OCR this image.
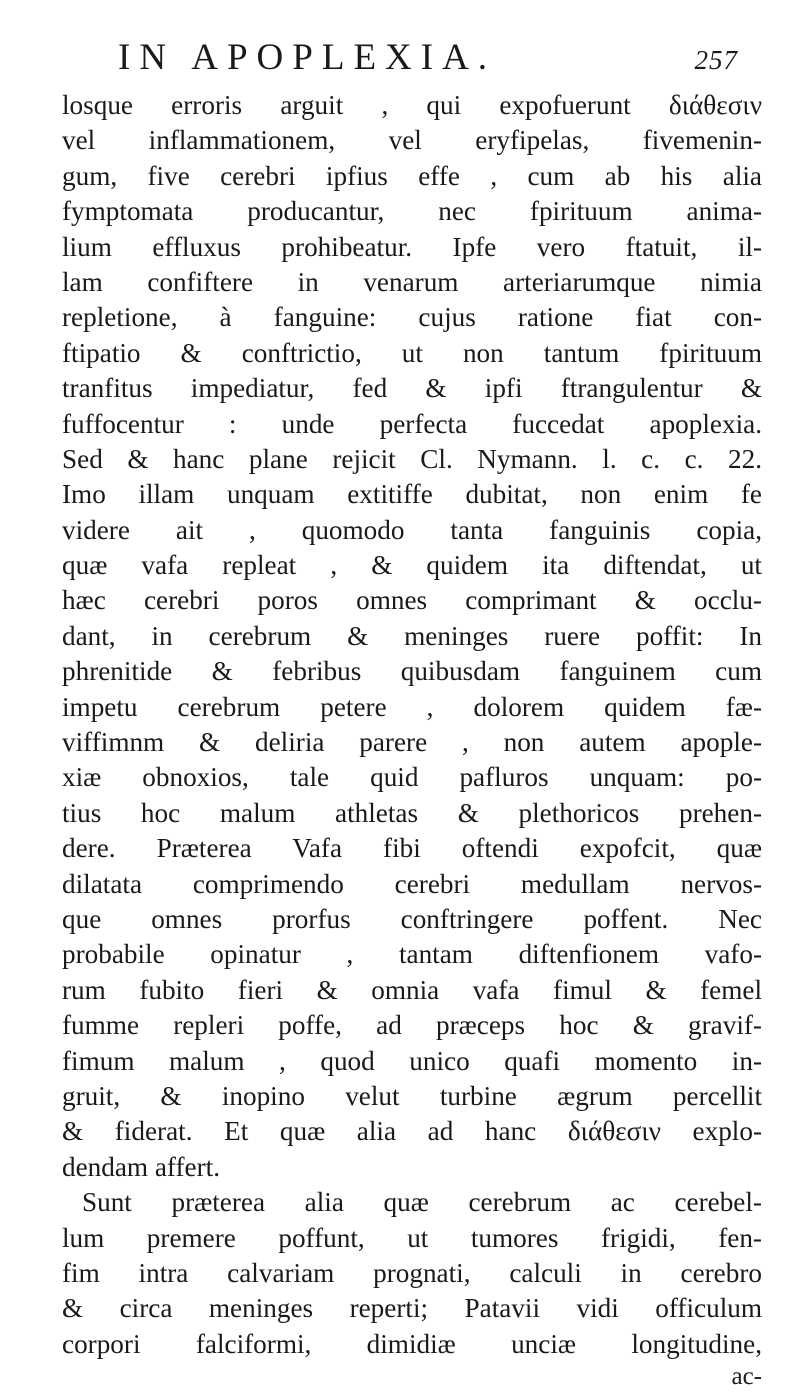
IN APOPLEXIA.	257
losque erroris arguit , qui expofuerunt διάθεσιν
vel inflammationem, vel eryfipelas, fivemenin-
gum, five cerebri ipfius effe , cum ab his alia
fymptomata producantur, nec fpirituum anima-
lium effluxus prohibeatur. Ipfe vero ftatuit, il-
lam confiftere in venarum arteriarumque nimia
repletione, à fanguine: cujus ratione fiat con-
ftipatio & conftrictio, ut non tantum fpirituum
tranfitus impediatur, fed & ipfi ftrangulentur &
fuffocentur : unde perfecta fuccedat apoplexia.
Sed & hanc plane rejicit Cl. Nymann. l. c. c. 22.
Imo illam unquam extitiffe dubitat, non enim fe
videre ait , quomodo tanta fanguinis copia,
quæ vafa repleat , & quidem ita diftendat, ut
hæc cerebri poros omnes comprimant & occlu-
dant, in cerebrum & meninges ruere poffit: In
phrenitide & febribus quibusdam fanguinem cum
impetu cerebrum petere , dolorem quidem fæ-
viffimnm & deliria parere , non autem apople-
xiæ obnoxios, tale quid pafluros unquam: po-
tius hoc malum athletas & plethoricos prehen-
dere. Præterea Vafa fibi oftendi expofcit, quæ
dilatata comprimendo cerebri medullam nervos-
que omnes prorfus conftringere poffent. Nec
probabile opinatur , tantam diftenfionem vafo-
rum fubito fieri & omnia vafa fimul & femel
fumme repleri poffe, ad præceps hoc & gravif-
fimum malum , quod unico quafi momento in-
gruit, & inopino velut turbine ægrum percellit
& fiderat. Et quæ alia ad hanc διάθεσιν explo-
dendam affert.
Sunt præterea alia quæ cerebrum ac cerebel-
lum premere poffunt, ut tumores frigidi, fen-
fim intra calvariam prognati, calculi in cerebro
& circa meninges reperti; Patavii vidi officulum
corpori falciformi, dimidiæ unciæ longitudine,
ac-
